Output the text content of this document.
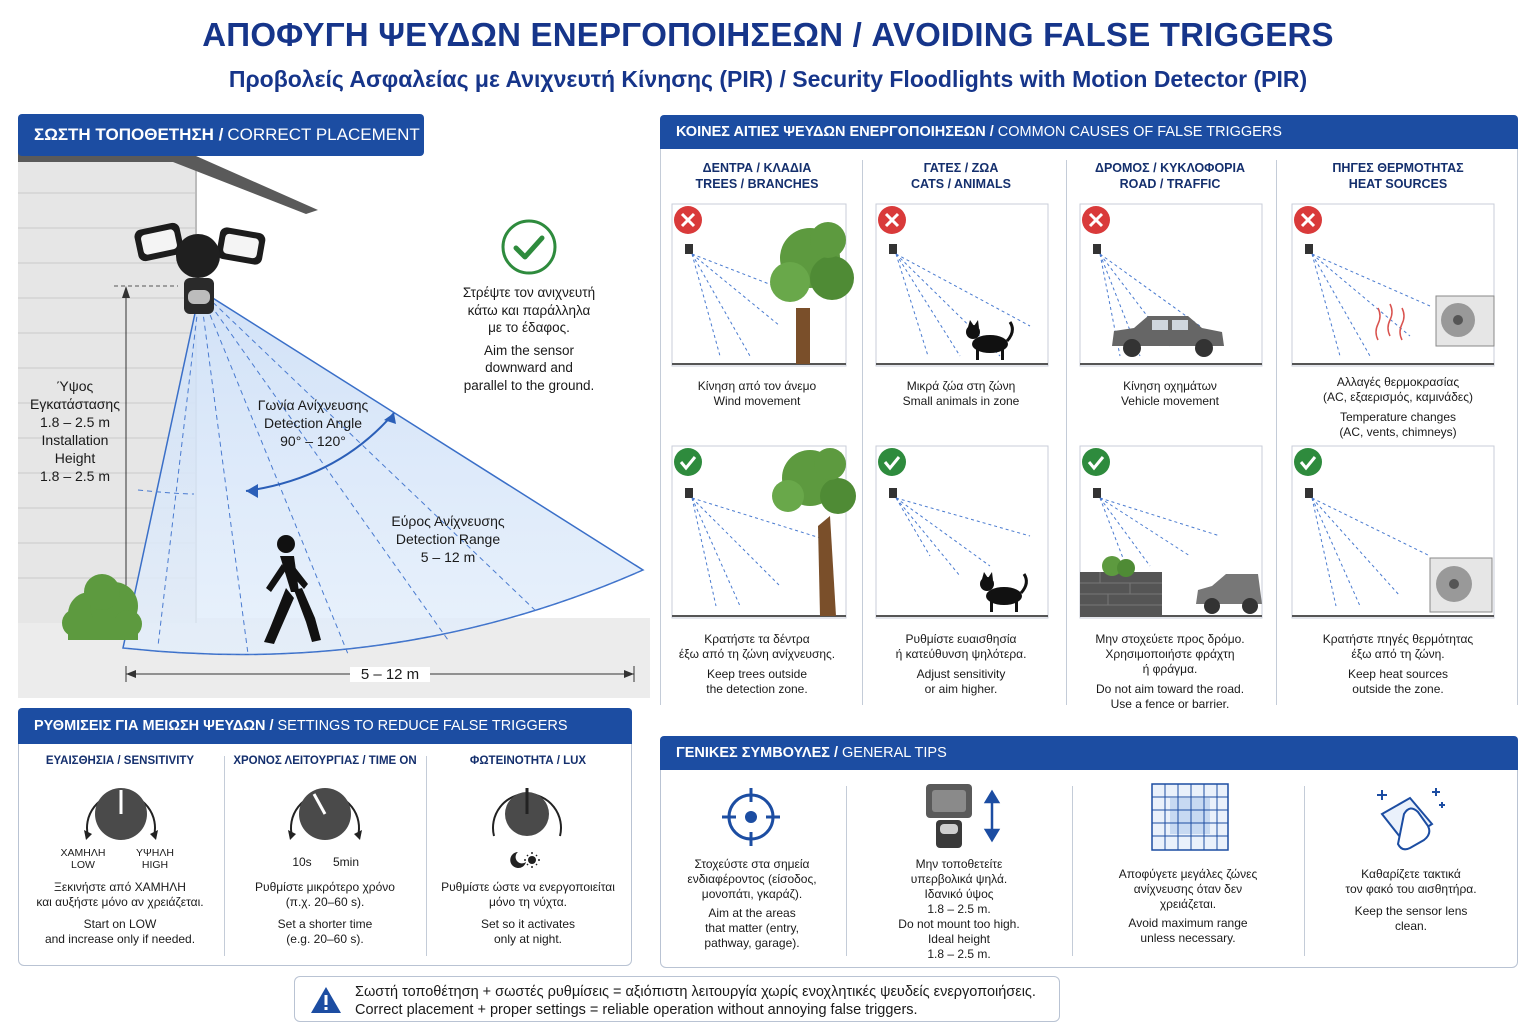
ΑΠΟΦΥΓΗ ΨΕΥΔΩΝ ΕΝΕΡΓΟΠΟΙΗΣΕΩΝ / AVOIDING FALSE TRIGGERS
Προβολείς Ασφαλείας με Ανιχνευτή Κίνησης (PIR) / Security Floodlights with Motion Detector (PIR)
ΣΩΣΤΗ ΤΟΠΟΘΕΤΗΣΗ / CORRECT PLACEMENT
Ύψος
Εγκατάστασης
1.8 – 2.5 m
Installation
Height
1.8 – 2.5 m
Γωνία Ανίχνευσης
Detection Angle
90° – 120°
Εύρος Ανίχνευσης
Detection Range
5 – 12 m
5 – 12 m
Στρέψτε τον ανιχνευτή
κάτω και παράλληλα
με το έδαφος.
Aim the sensor
downward and
parallel to the ground.
ΚΟΙΝΕΣ ΑΙΤΙΕΣ ΨΕΥΔΩΝ ΕΝΕΡΓΟΠΟΙΗΣΕΩΝ / COMMON CAUSES OF FALSE TRIGGERS
ΔΕΝΤΡΑ / ΚΛΑΔΙΑ
TREES / BRANCHES
ΓΑΤΕΣ / ΖΩΑ
CATS / ANIMALS
ΔΡΟΜΟΣ / ΚΥΚΛΟΦΟΡΙΑ
ROAD / TRAFFIC
ΠΗΓΕΣ ΘΕΡΜΟΤΗΤΑΣ
HEAT SOURCES
Κίνηση από τον άνεμο
Wind movement
Μικρά ζώα στη ζώνη
Small animals in zone
Κίνηση οχημάτων
Vehicle movement
Αλλαγές θερμοκρασίας
(AC, εξαερισμός, καμινάδες)
Temperature changes
(AC, vents, chimneys)
Κρατήστε τα δέντρα
έξω από τη ζώνη ανίχνευσης.
Keep trees outside
the detection zone.
Ρυθμίστε ευαισθησία
ή κατεύθυνση ψηλότερα.
Adjust sensitivity
or aim higher.
Μην στοχεύετε προς δρόμο.
Χρησιμοποιήστε φράχτη
ή φράγμα.
Do not aim toward the road.
Use a fence or barrier.
Κρατήστε πηγές θερμότητας
έξω από τη ζώνη.
Keep heat sources
outside the zone.
ΡΥΘΜΙΣΕΙΣ ΓΙΑ ΜΕΙΩΣΗ ΨΕΥΔΩΝ / SETTINGS TO REDUCE FALSE TRIGGERS
ΕΥΑΙΣΘΗΣΙΑ / SENSITIVITY	ΧΡΟΝΟΣ ΛΕΙΤΟΥΡΓΙΑΣ / TIME ON	ΦΩΤΕΙΝΟΤΗΤΑ / LUX
ΧΑΜΗΛΗ
LOW
ΥΨΗΛΗ
HIGH
Ξεκινήστε από ΧΑΜΗΛΗ
και αυξήστε μόνο αν χρειάζεται.
Start on LOW
and increase only if needed.
10s	5min
Ρυθμίστε μικρότερο χρόνο
(π.χ. 20–60 s).
Set a shorter time
(e.g. 20–60 s).
Ρυθμίστε ώστε να ενεργοποιείται
μόνο τη νύχτα.
Set so it activates
only at night.
ΓΕΝΙΚΕΣ ΣΥΜΒΟΥΛΕΣ / GENERAL TIPS
Στοχεύστε στα σημεία
ενδιαφέροντος (είσοδος,
μονοπάτι, γκαράζ).
Aim at the areas
that matter (entry,
pathway, garage).
Μην τοποθετείτε
υπερβολικά ψηλά.
Ιδανικό ύψος
1.8 – 2.5 m.
Do not mount too high.
Ideal height
1.8 – 2.5 m.
Αποφύγετε μεγάλες ζώνες
ανίχνευσης όταν δεν
χρειάζεται.
Avoid maximum range
unless necessary.
Καθαρίζετε τακτικά
τον φακό του αισθητήρα.
Keep the sensor lens
clean.
Σωστή τοποθέτηση + σωστές ρυθμίσεις = αξιόπιστη λειτουργία χωρίς ενοχλητικές ψευδείς ενεργοποιήσεις.
Correct placement + proper settings = reliable operation without annoying false triggers.
